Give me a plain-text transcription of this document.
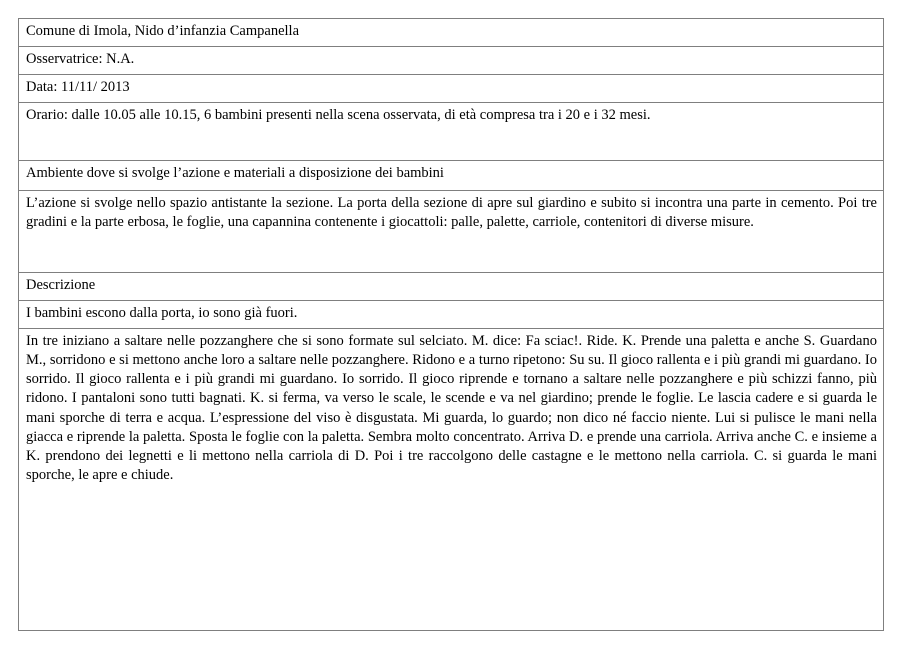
Comune di Imola, Nido d’infanzia Campanella
Osservatrice: N.A.
Data: 11/11/ 2013
Orario: dalle 10.05 alle 10.15, 6 bambini presenti nella scena osservata, di età compresa tra i 20 e i 32 mesi.
Ambiente dove si svolge l’azione e materiali a disposizione dei bambini

L’azione si svolge nello spazio antistante la sezione. La porta della sezione di apre sul giardino e subito si incontra una parte in cemento. Poi tre gradini e la parte erbosa, le foglie, una capannina contenente i giocattoli: palle, palette, carriole, contenitori di diverse misure.

Descrizione
I bambini escono dalla porta, io sono già fuori.

In tre iniziano a saltare nelle pozzanghere che si sono formate sul selciato. M. dice: Fa sciac!. Ride. K. Prende una paletta e anche S. Guardano M., sorridono e si mettono anche loro a saltare nelle pozzanghere. Ridono e a turno ripetono: Su su. Il gioco rallenta e i più grandi mi guardano. Io sorrido. Il gioco rallenta e i più grandi mi guardano. Io sorrido. Il gioco riprende e tornano a saltare nelle pozzanghere e più schizzi fanno, più ridono. I pantaloni sono tutti bagnati. K. si ferma, va verso le scale, le scende e va nel giardino; prende le foglie. Le lascia cadere e si guarda le mani sporche di terra e acqua. L’espressione del viso è disgustata. Mi guarda, lo guardo; non dico né faccio niente. Lui si pulisce le mani nella giacca e riprende la paletta. Sposta le foglie con la paletta. Sembra molto concentrato. Arriva D. e prende una carriola. Arriva anche C. e insieme a K. prendono dei legnetti e li mettono nella carriola di D. Poi i tre raccolgono delle castagne e le mettono nella carriola. C. si guarda le mani sporche, le apre e chiude.
